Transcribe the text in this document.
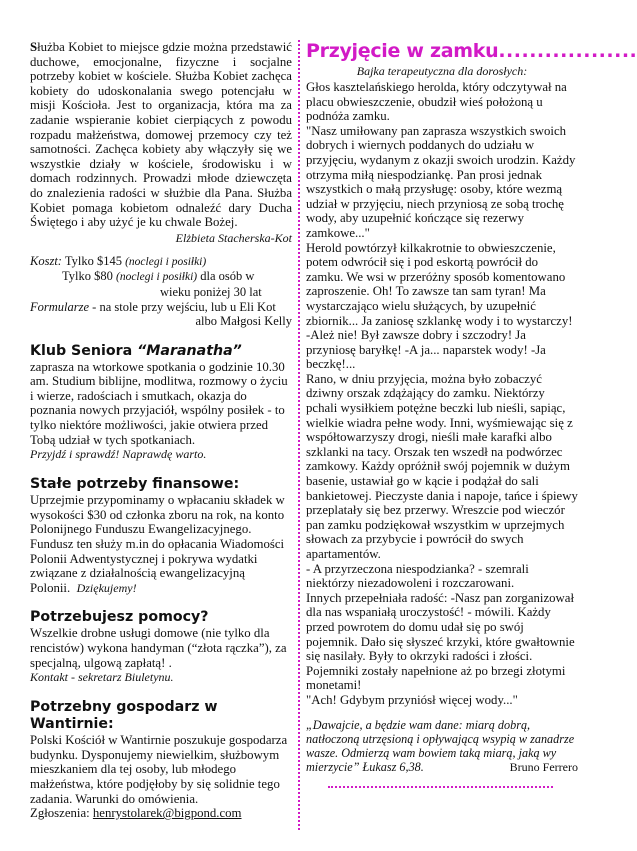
Służba Kobiet to miejsce gdzie można przedstawić duchowe, emocjonalne, fizyczne i socjalne potrzeby kobiet w kościele. Służba Kobiet zachęca kobiety do udoskonalania swego potencjału w misji Kościoła. Jest to organizacja, która ma za zadanie wspieranie kobiet cierpiących z powodu rozpadu małżeństwa, domowej przemocy czy też samotności. Zachęca kobiety aby włączyły się we wszystkie działy w kościele, środowisku i w domach rodzinnych. Prowadzi młode dziewczęta do znalezienia radości w służbie dla Pana. Służba Kobiet pomaga kobietom odnaleźć dary Ducha Świętego i aby użyć je ku chwale Bożej.

Elżbieta Stacherska-Kot

Koszt: Tylko $145 (noclegi i posiłki)

Tylko $80 (noclegi i posiłki) dla osób w

wieku poniżej 30 lat

Formularze - na stole przy wejściu, lub u Eli Kot

albo Małgosi Kelly

Klub Seniora “Maranatha”

zaprasza na wtorkowe spotkania o godzinie 10.30 am. Studium biblijne, modlitwa, rozmowy o życiu i wierze, radościach i smutkach, okazja do poznania nowych przyjaciół, wspólny posiłek - to tylko niektóre możliwości, jakie otwiera przed Tobą udział w tych spotkaniach.

Przyjdź i sprawdź! Naprawdę warto.

Stałe potrzeby finansowe:

Uprzejmie przypominamy o wpłacaniu składek w wysokości $30 od członka zboru na rok, na konto Polonijnego Funduszu Ewangelizacyjnego. Fundusz ten służy m.in do opłacania Wiadomości Polonii Adwentystycznej i pokrywa wydatki związane z działalnością ewangelizacyjną Polonii. Dziękujemy!

Potrzebujesz pomocy?

Wszelkie drobne usługi domowe (nie tylko dla rencistów) wykona handyman (“złota rączka”), za specjalną, ulgową zapłatą! .

Kontakt - sekretarz Biuletynu.

Potrzebny gospodarz w Wantirnie:

Polski Kościół w Wantirnie poszukuje gospodarza budynku. Dysponujemy niewielkim, służbowym mieszkaniem dla tej osoby, lub młodego małżeństwa, które podjęłoby by się solidnie tego zadania. Warunki do omówienia.

Zgłoszenia: henrystolarek@bigpond.com

Przyjęcie w zamku ..................

Bajka terapeutyczna dla dorosłych:

Głos kasztelańskiego herolda, który odczytywał na placu obwieszczenie, obudził wieś położoną u podnóża zamku.

"Nasz umiłowany pan zaprasza wszystkich swoich dobrych i wiernych poddanych do udziału w przyjęciu, wydanym z okazji swoich urodzin. Każdy otrzyma miłą niespodziankę. Pan prosi jednak wszystkich o małą przysługę: osoby, które wezmą udział w przyjęciu, niech przyniosą ze sobą trochę wody, aby uzupełnić kończące się rezerwy zamkowe..."

Herold powtórzył kilkakrotnie to obwieszczenie, potem odwrócił się i pod eskortą powrócił do zamku. We wsi w przeróżny sposób komentowano zaproszenie. Oh! To zawsze tan sam tyran! Ma wystarczająco wielu służących, by uzupełnić zbiornik... Ja zaniosę szklankę wody i to wystarczy! -Ależ nie! Był zawsze dobry i szczodry! Ja przyniosę baryłkę! -A ja... naparstek wody! -Ja beczkę!...

Rano, w dniu przyjęcia, można było zobaczyć dziwny orszak zdążający do zamku. Niektórzy pchali wysiłkiem potężne beczki lub nieśli, sapiąc, wielkie wiadra pełne wody. Inni, wyśmiewając się z współtowarzyszy drogi, nieśli małe karafki albo szklanki na tacy. Orszak ten wszedł na podwórzec zamkowy. Każdy opróżnił swój pojemnik w dużym basenie, ustawiał go w kącie i podążał do sali bankietowej. Pieczyste dania i napoje, tańce i śpiewy przeplatały się bez przerwy. Wreszcie pod wieczór pan zamku podziękował wszystkim w uprzejmych słowach za przybycie i powrócił do swych apartamentów.

- A przyrzeczona niespodzianka? - szemrali niektórzy niezadowoleni i rozczarowani.

Innych przepełniała radość: -Nasz pan zorganizował dla nas wspaniałą uroczystość! - mówili. Każdy przed powrotem do domu udał się po swój pojemnik. Dało się słyszeć krzyki, które gwałtownie się nasilały. Były to okrzyki radości i złości. Pojemniki zostały napełnione aż po brzegi złotymi monetami!

"Ach! Gdybym przyniósł więcej wody..."

„Dawajcie, a będzie wam dane: miarą dobrą, natłoczoną utrzęsioną i opływającą wsypią w zanadrze wasze. Odmierzą wam bowiem taką miarą, jaką wy mierzycie” Łukasz 6,38.	Bruno Ferrero
